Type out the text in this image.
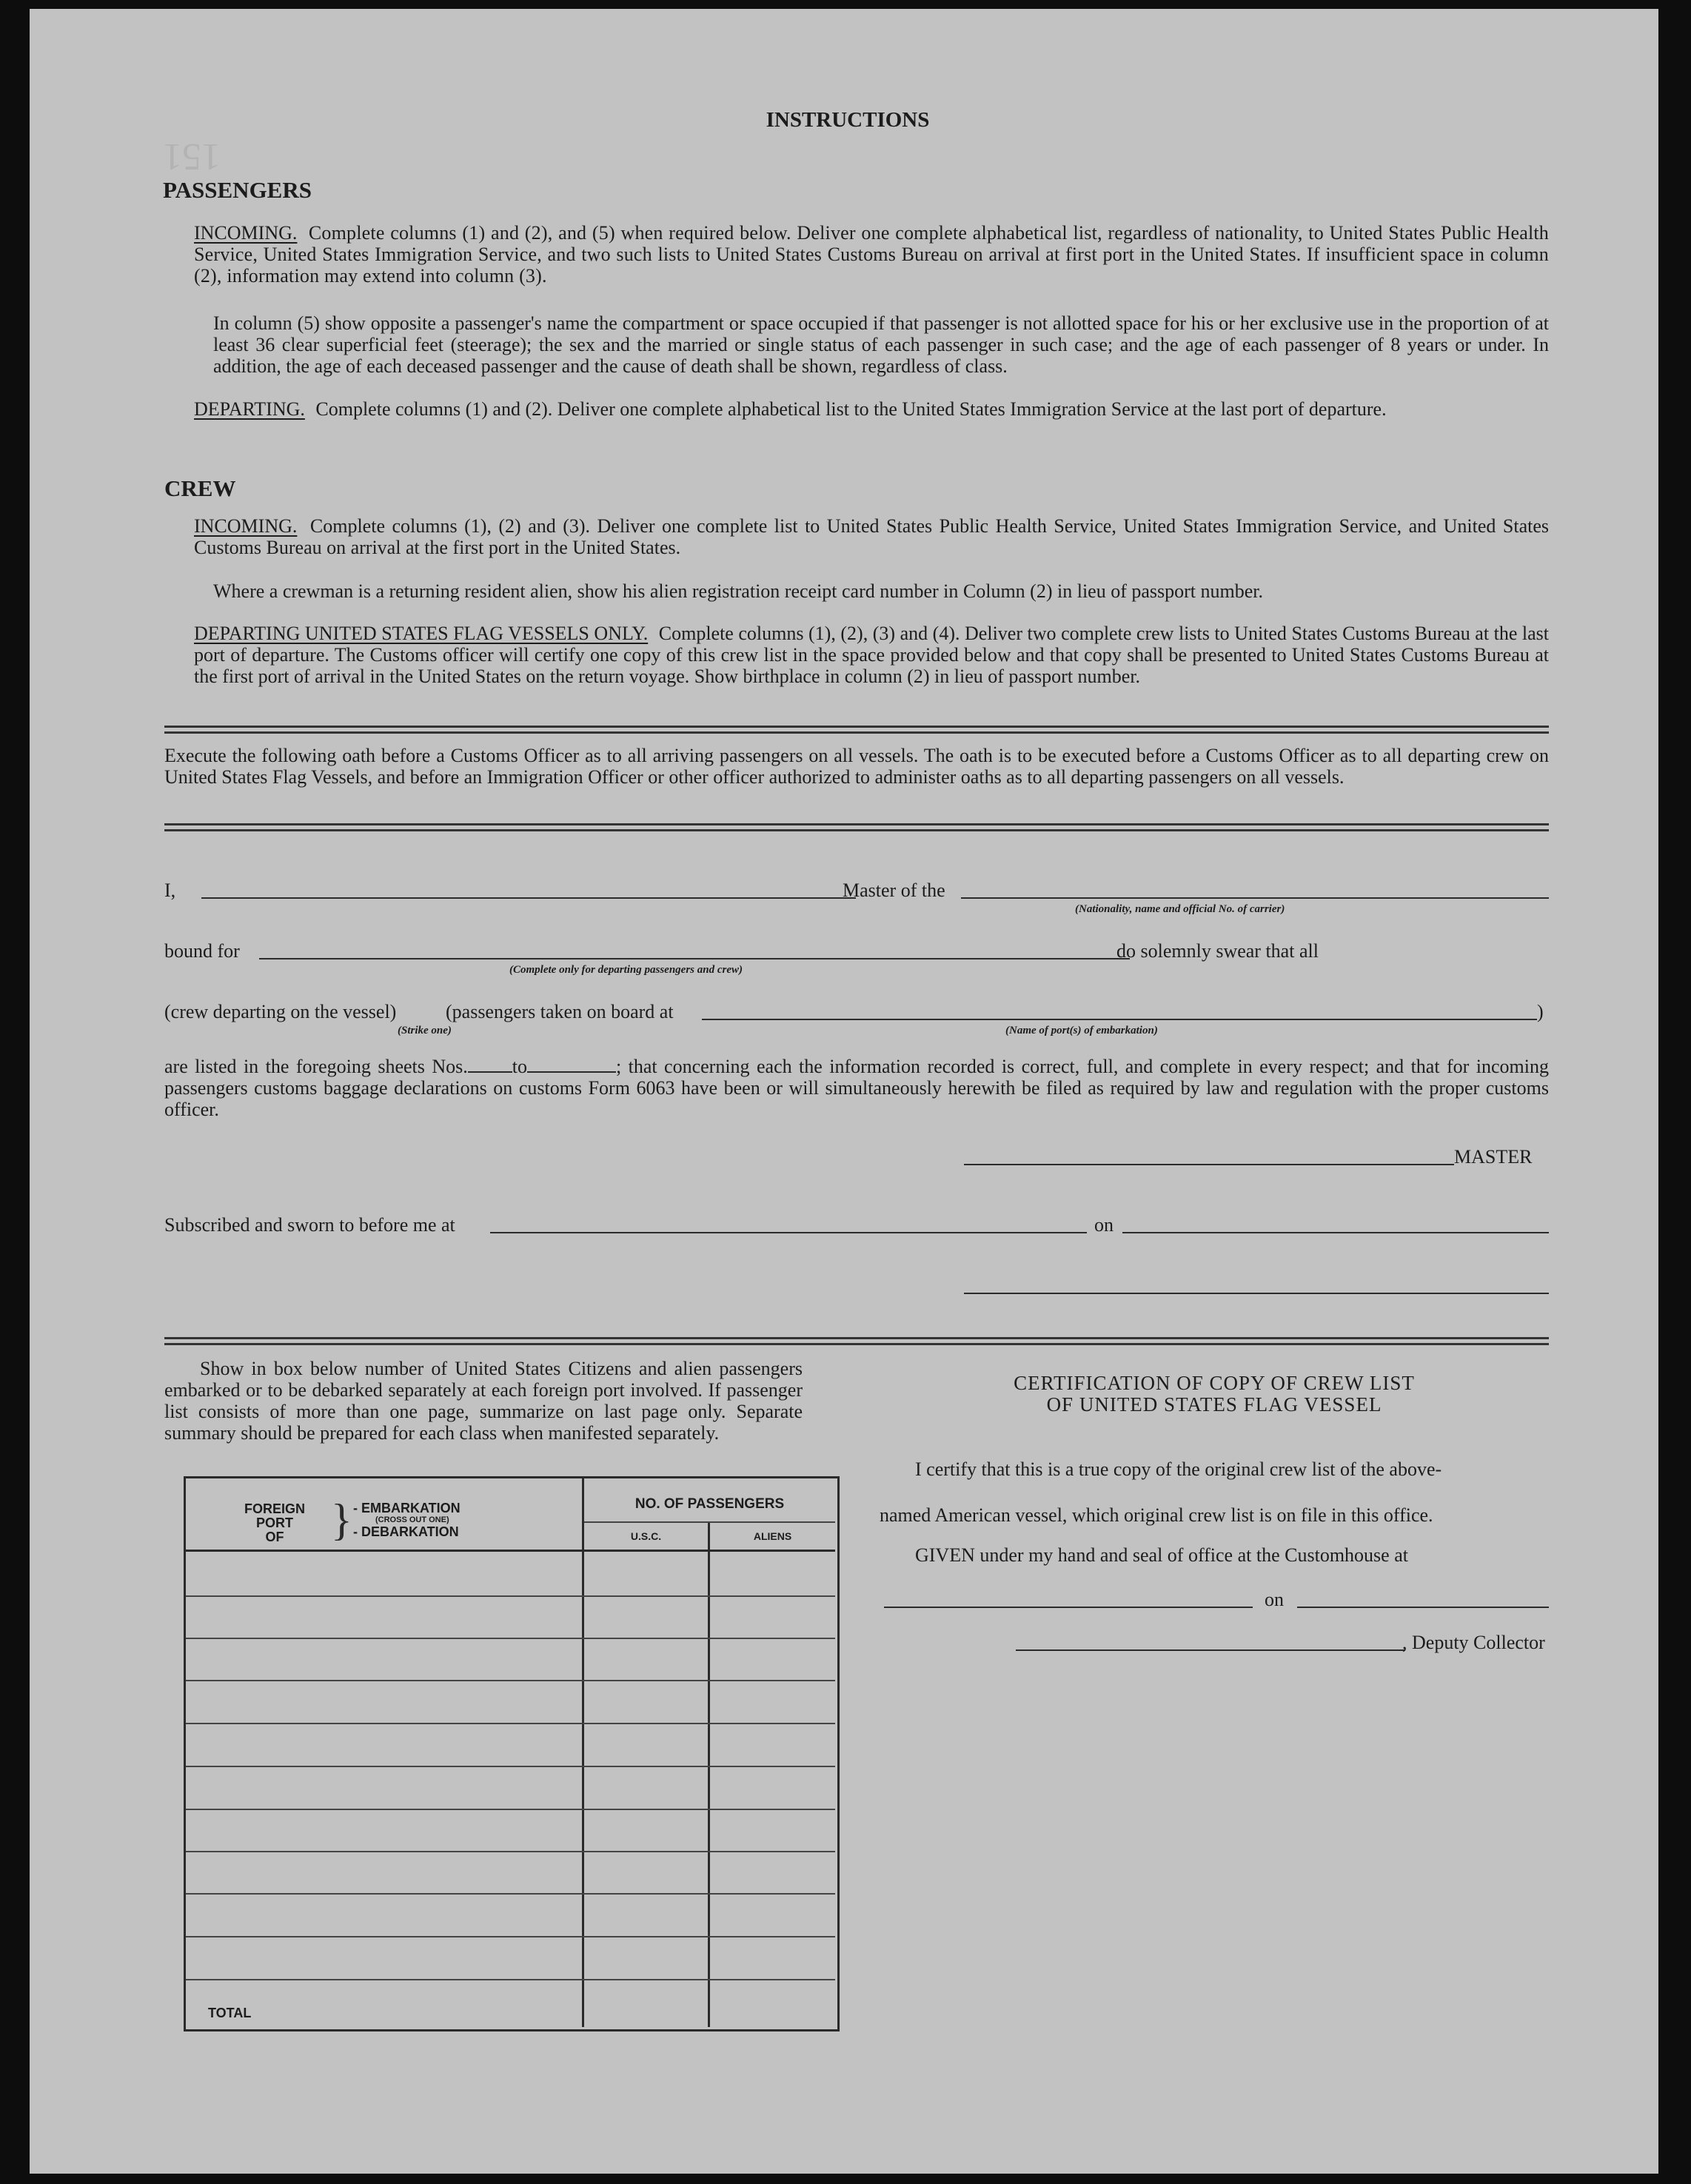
151
INSTRUCTIONS
PASSENGERS
INCOMING. Complete columns (1) and (2), and (5) when required below. Deliver one complete alphabetical list, regardless of nationality, to United States Public Health Service, United States Immigration Service, and two such lists to United States Customs Bureau on arrival at first port in the United States. If insufficient space in column (2), information may extend into column (3).
In column (5) show opposite a passenger's name the compartment or space occupied if that passenger is not allotted space for his or her exclusive use in the proportion of at least 36 clear superficial feet (steerage); the sex and the married or single status of each passenger in such case; and the age of each passenger of 8 years or under. In addition, the age of each deceased passenger and the cause of death shall be shown, regardless of class.
DEPARTING. Complete columns (1) and (2). Deliver one complete alphabetical list to the United States Immigration Service at the last port of departure.
CREW
INCOMING. Complete columns (1), (2) and (3). Deliver one complete list to United States Public Health Service, United States Immigration Service, and United States Customs Bureau on arrival at the first port in the United States.
Where a crewman is a returning resident alien, show his alien registration receipt card number in Column (2) in lieu of passport number.
DEPARTING UNITED STATES FLAG VESSELS ONLY. Complete columns (1), (2), (3) and (4). Deliver two complete crew lists to United States Customs Bureau at the last port of departure. The Customs officer will certify one copy of this crew list in the space provided below and that copy shall be presented to United States Customs Bureau at the first port of arrival in the United States on the return voyage. Show birthplace in column (2) in lieu of passport number.
Execute the following oath before a Customs Officer as to all arriving passengers on all vessels. The oath is to be executed before a Customs Officer as to all departing crew on United States Flag Vessels, and before an Immigration Officer or other officer authorized to administer oaths as to all departing passengers on all vessels.
I,	Master of the
(Nationality, name and official No. of carrier)
bound for
(Complete only for departing passengers and crew)
do solemnly swear that all
(crew departing on the vessel)	(passengers taken on board at
(Strike one)	(Name of port(s) of embarkation)
)
are listed in the foregoing sheets Nos. to	; that concerning each the information recorded is correct, full, and complete in every respect; and that for incoming passengers customs baggage declarations on customs Form 6063 have been or will simultaneously herewith be filed as required by law and regulation with the proper customs officer.
MASTER
Subscribed and sworn to before me at	on
Show in box below number of United States Citizens and alien passengers embarked or to be debarked separately at each foreign port involved. If passenger list consists of more than one page, summarize on last page only. Separate summary should be prepared for each class when manifested separately.
FOREIGN
PORT
OF	} - EMBARKATION
(CROSS OUT ONE)
- DEBARKATION
NO. OF PASSENGERS
U.S.C.	ALIENS
TOTAL
CERTIFICATION OF COPY OF CREW LIST
OF UNITED STATES FLAG VESSEL
I certify that this is a true copy of the original crew list of the above-
named American vessel, which original crew list is on file in this office.
GIVEN under my hand and seal of office at the Customhouse at
on
, Deputy Collector
